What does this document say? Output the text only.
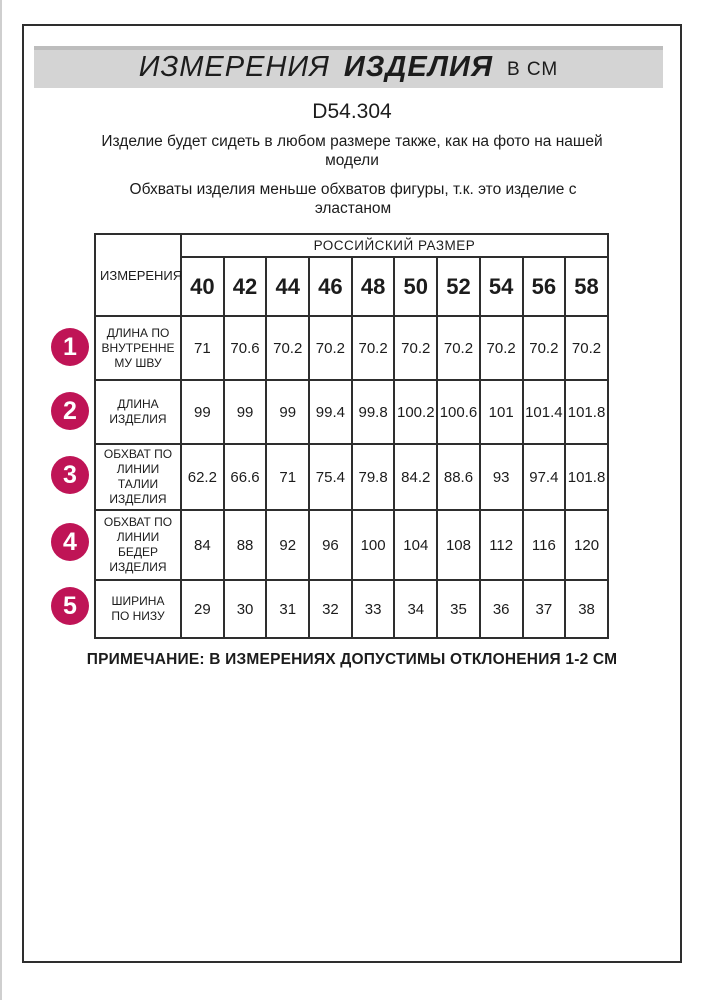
ИЗМЕРЕНИЯ ИЗДЕЛИЯ В СМ
D54.304
Изделие будет сидеть в любом размере также, как на фото на нашей модели
Обхваты изделия меньше обхватов фигуры, т.к. это изделие с эластаном
ИЗМЕРЕНИЯ	РОССИЙСКИЙ РАЗМЕР									
	40	42	44	46	48	50	52	54	56	58
ДЛИНА ПО ВНУТРЕННЕМУ ШВУ	71	70.6	70.2	70.2	70.2	70.2	70.2	70.2	70.2	70.2
ДЛИНА ИЗДЕЛИЯ	99	99	99	99.4	99.8	100.2	100.6	101	101.4	101.8
ОБХВАТ ПО ЛИНИИ ТАЛИИ ИЗДЕЛИЯ	62.2	66.6	71	75.4	79.8	84.2	88.6	93	97.4	101.8
ОБХВАТ ПО ЛИНИИ БЕДЕР ИЗДЕЛИЯ	84	88	92	96	100	104	108	112	116	120
ШИРИНА ПО НИЗУ	29	30	31	32	33	34	35	36	37	38
1
2
3
4
5
ПРИМЕЧАНИЕ: В ИЗМЕРЕНИЯХ ДОПУСТИМЫ ОТКЛОНЕНИЯ 1-2 СМ
